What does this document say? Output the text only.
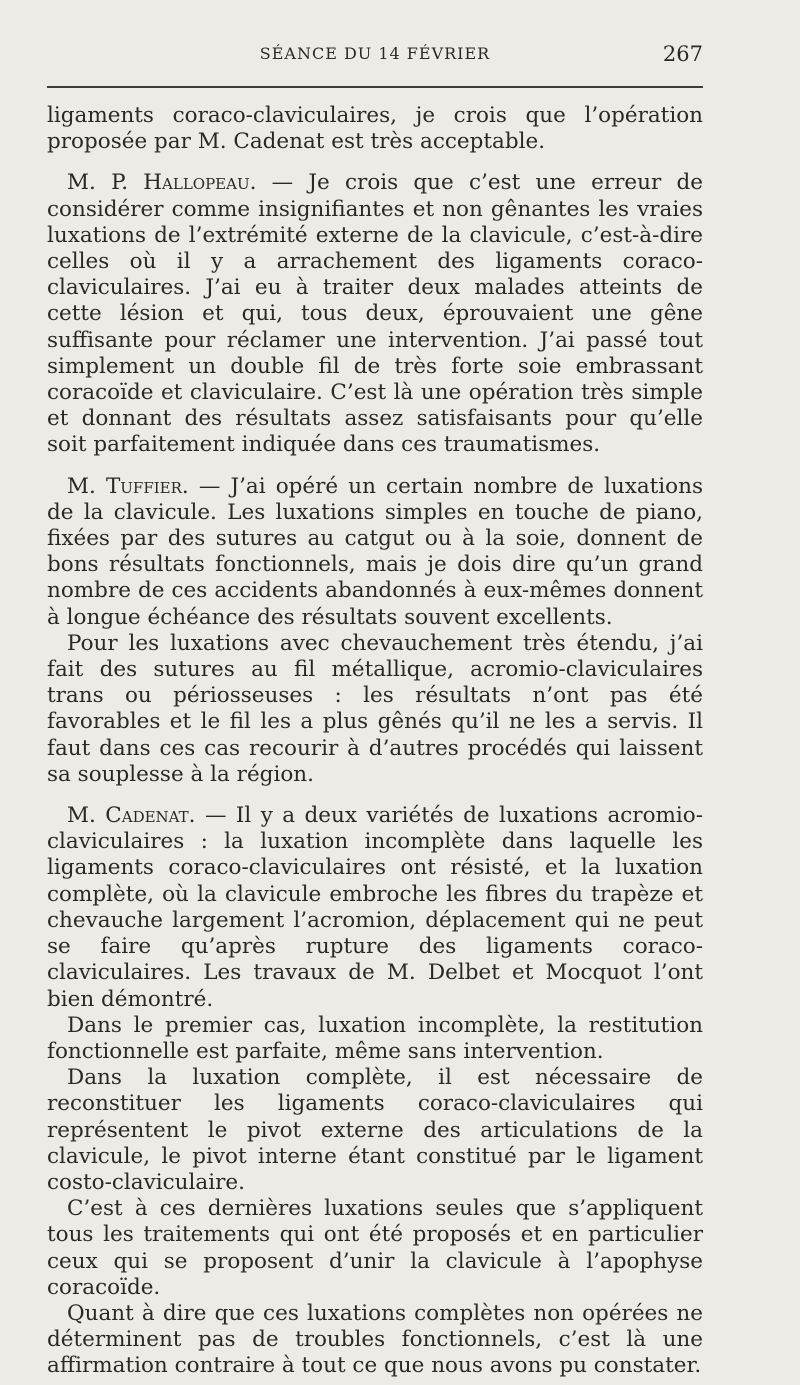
SÉANCE DU 14 FÉVRIER	267

ligaments coraco-claviculaires, je crois que l’opération proposée par M. Cadenat est très acceptable.

M. P. Hallopeau. — Je crois que c’est une erreur de considérer comme insignifiantes et non gênantes les vraies luxations de l’extrémité externe de la clavicule, c’est-à-dire celles où il y a arrachement des ligaments coraco-claviculaires. J’ai eu à traiter deux malades atteints de cette lésion et qui, tous deux, éprouvaient une gêne suffisante pour réclamer une intervention. J’ai passé tout simplement un double fil de très forte soie embrassant coracoïde et claviculaire. C’est là une opération très simple et donnant des résultats assez satisfaisants pour qu’elle soit parfaitement indiquée dans ces traumatismes.

M. Tuffier. — J’ai opéré un certain nombre de luxations de la clavicule. Les luxations simples en touche de piano, fixées par des sutures au catgut ou à la soie, donnent de bons résultats fonctionnels, mais je dois dire qu’un grand nombre de ces accidents abandonnés à eux-mêmes donnent à longue échéance des résultats souvent excellents.

Pour les luxations avec chevauchement très étendu, j’ai fait des sutures au fil métallique, acromio-claviculaires trans ou périosseuses : les résultats n’ont pas été favorables et le fil les a plus gênés qu’il ne les a servis. Il faut dans ces cas recourir à d’autres procédés qui laissent sa souplesse à la région.

M. Cadenat. — Il y a deux variétés de luxations acromio-claviculaires : la luxation incomplète dans laquelle les ligaments coraco-claviculaires ont résisté, et la luxation complète, où la clavicule embroche les fibres du trapèze et chevauche largement l’acromion, déplacement qui ne peut se faire qu’après rupture des ligaments coraco-claviculaires. Les travaux de M. Delbet et Mocquot l’ont bien démontré.

Dans le premier cas, luxation incomplète, la restitution fonctionnelle est parfaite, même sans intervention.

Dans la luxation complète, il est nécessaire de reconstituer les ligaments coraco-claviculaires qui représentent le pivot externe des articulations de la clavicule, le pivot interne étant constitué par le ligament costo-claviculaire.

C’est à ces dernières luxations seules que s’appliquent tous les traitements qui ont été proposés et en particulier ceux qui se proposent d’unir la clavicule à l’apophyse coracoïde.

Quant à dire que ces luxations complètes non opérées ne déterminent pas de troubles fonctionnels, c’est là une affirmation contraire à tout ce que nous avons pu constater.
